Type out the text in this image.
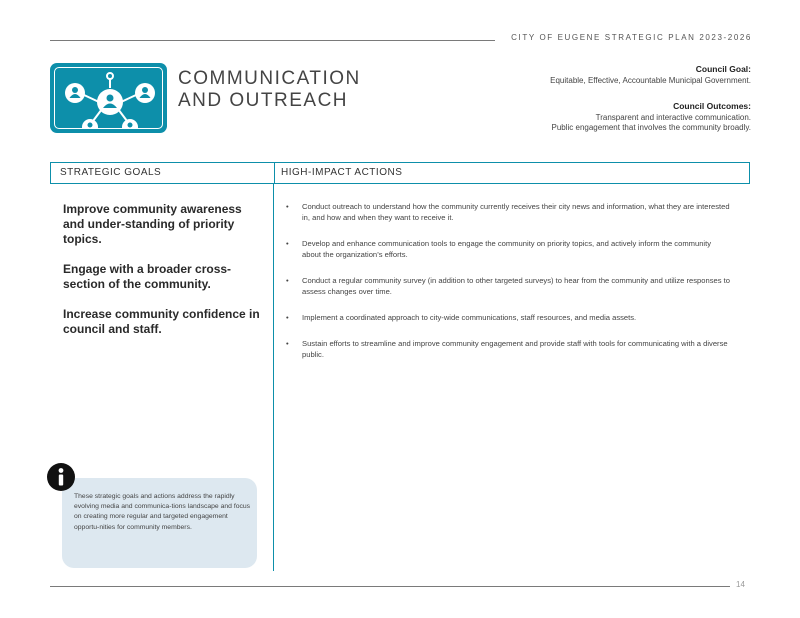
CITY OF EUGENE STRATEGIC PLAN 2023-2026
COMMUNICATION
AND OUTREACH
Council Goal:
Equitable, Effective, Accountable Municipal Government.
Council Outcomes:
Transparent and interactive communication.
Public engagement that involves the community broadly.
STRATEGIC GOALS	HIGH-IMPACT ACTIONS

Improve community awareness and under-standing of priority topics.

Engage with a broader cross-section of the community.

Increase community confidence in council and staff.

• Conduct outreach to understand how the community currently receives their city news and information, what they are interested in, and how and when they want to receive it.
• Develop and enhance communication tools to engage the community on priority topics, and actively inform the community about the organization’s efforts.
• Conduct a regular community survey (in addition to other targeted surveys) to hear from the community and utilize responses to assess changes over time.
• Implement a coordinated approach to city-wide communications, staff resources, and media assets.
• Sustain efforts to streamline and improve community engagement and provide staff with tools for communicating with a diverse public.
These strategic goals and actions address the rapidly evolving media and communica-tions landscape and focus on creating more regular and targeted engagement opportu-nities for community members.
14
